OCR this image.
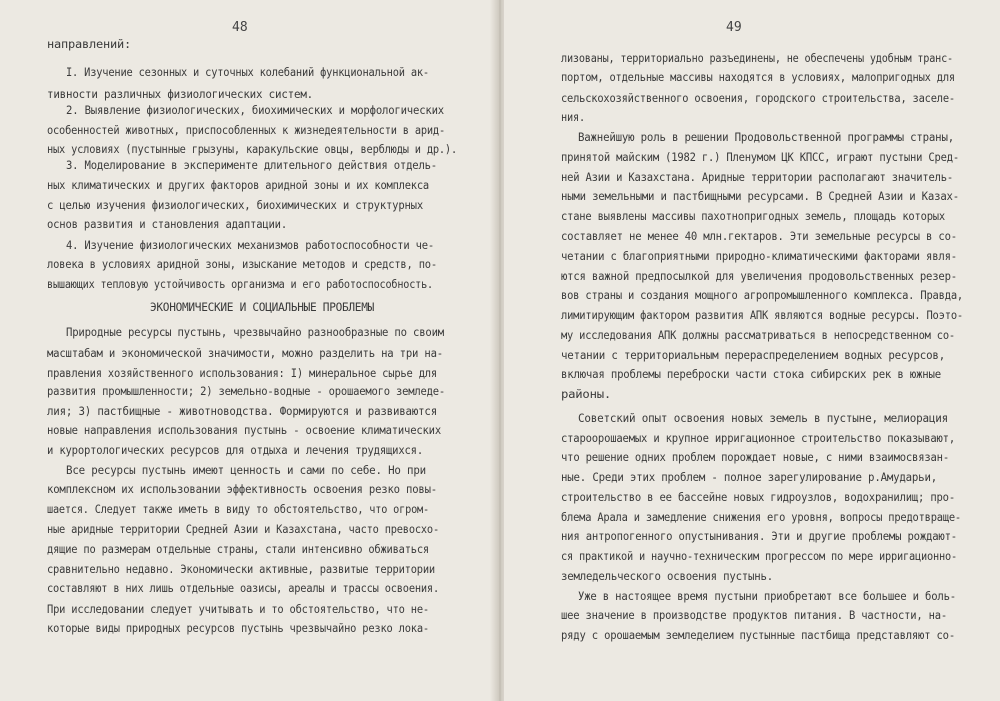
48
направлений:
I. Изучение сезонных и суточных колебаний функциональной ак-
тивности различных физиологических систем.
2. Выявление физиологических, биохимических и морфологических
особенностей животных, приспособленных к жизнедеятельности в арид-
ных условиях (пустынные грызуны, каракульские овцы, верблюды и др.).
3. Моделирование в эксперименте длительного действия отдель-
ных климатических и других факторов аридной зоны и их комплекса
с целью изучения физиологических, биохимических и структурных
основ развития и становления адаптации.
4. Изучение физиологических механизмов работоспособности че-
ловека в условиях аридной зоны, изыскание методов и средств, по-
вышающих тепловую устойчивость организма и его работоспособность.
ЭКОНОМИЧЕСКИЕ И СОЦИАЛЬНЫЕ ПРОБЛЕМЫ
Природные ресурсы пустынь, чрезвычайно разнообразные по своим
масштабам и экономической значимости, можно разделить на три на-
правления хозяйственного использования: I) минеральное сырье для
развития промышленности; 2) земельно-водные - орошаемого земледе-
лия; 3) пастбищные - животноводства. Формируются и развиваются
новые направления использования пустынь - освоение климатических
и курортологических ресурсов для отдыха и лечения трудящихся.
Все ресурсы пустынь имеют ценность и сами по себе. Но при
комплексном их использовании эффективность освоения резко повы-
шается. Следует также иметь в виду то обстоятельство, что огром-
ные аридные территории Средней Азии и Казахстана, часто превосхо-
дящие по размерам отдельные страны, стали интенсивно обживаться
сравнительно недавно. Экономически активные, развитые территории
составляют в них лишь отдельные оазисы, ареалы и трассы освоения.
При исследовании следует учитывать и то обстоятельство, что не-
которые виды природных ресурсов пустынь чрезвычайно резко лока-
49
лизованы, территориально разъединены, не обеспечены удобным транс-
портом, отдельные массивы находятся в условиях, малопригодных для
сельскохозяйственного освоения, городского строительства, заселе-
ния.
Важнейшую роль в решении Продовольственной программы страны,
принятой майским (1982 г.) Пленумом ЦК КПСС, играют пустыни Сред-
ней Азии и Казахстана. Аридные территории располагают значитель-
ными земельными и пастбищными ресурсами. В Средней Азии и Казах-
стане выявлены массивы пахотнопригодных земель, площадь которых
составляет не менее 40 млн.гектаров. Эти земельные ресурсы в со-
четании с благоприятными природно-климатическими факторами явля-
ются важной предпосылкой для увеличения продовольственных резер-
вов страны и создания мощного агропромышленного комплекса. Правда,
лимитирующим фактором развития АПК являются водные ресурсы. Поэто-
му исследования АПК должны рассматриваться в непосредственном со-
четании с территориальным перераспределением водных ресурсов,
включая проблемы переброски части стока сибирских рек в южные
районы.
Советский опыт освоения новых земель в пустыне, мелиорация
староорошаемых и крупное ирригационное строительство показывают,
что решение одних проблем порождает новые, с ними взаимосвязан-
ные. Среди этих проблем - полное зарегулирование р.Амударьи,
строительство в ее бассейне новых гидроузлов, водохранилищ; про-
блема Арала и замедление снижения его уровня, вопросы предотвраще-
ния антропогенного опустынивания. Эти и другие проблемы рождают-
ся практикой и научно-техническим прогрессом по мере ирригационно-
земледельческого освоения пустынь.
Уже в настоящее время пустыни приобретают все большее и боль-
шее значение в производстве продуктов питания. В частности, на-
ряду с орошаемым земледелием пустынные пастбища представляют со-
